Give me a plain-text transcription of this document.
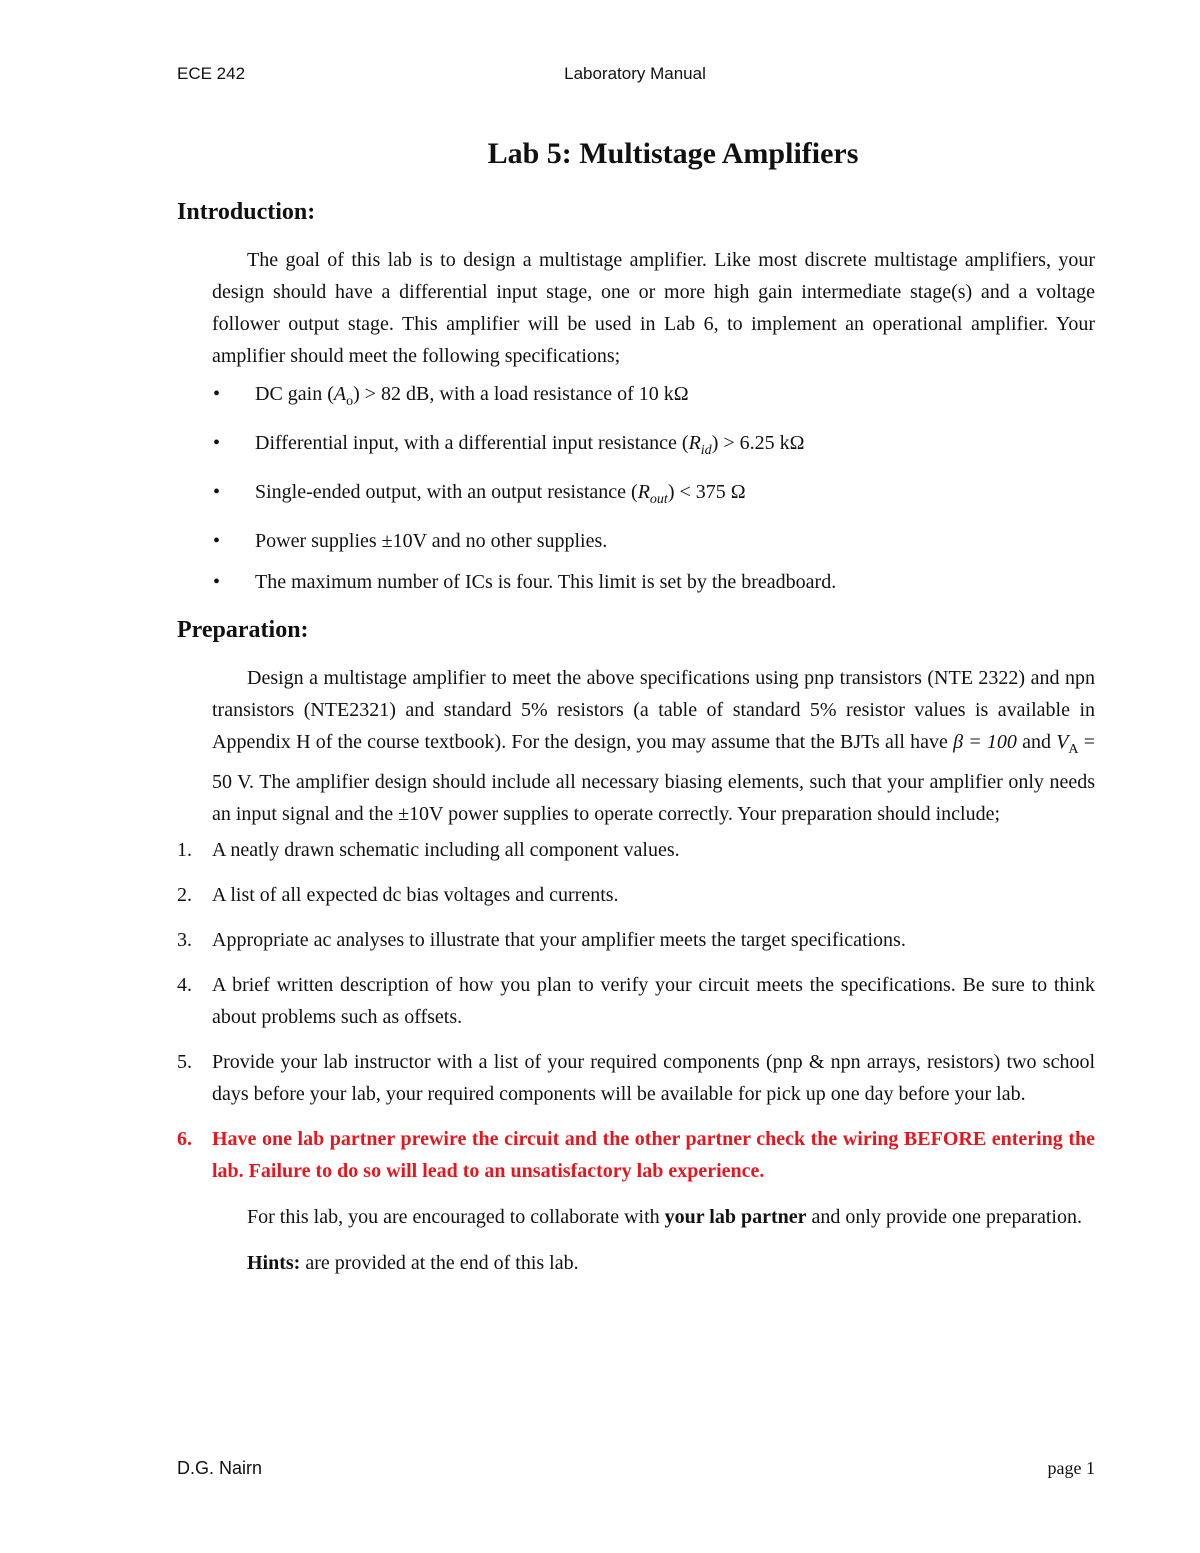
ECE 242	Laboratory Manual
Lab 5: Multistage Amplifiers
Introduction:

The goal of this lab is to design a multistage amplifier. Like most discrete multistage amplifiers, your design should have a differential input stage, one or more high gain intermediate stage(s) and a voltage follower output stage. This amplifier will be used in Lab 6, to implement an operational amplifier. Your amplifier should meet the following specifications;

• DC gain $(A_o) > 82$ dB, with a load resistance of 10 kΩ
• Differential input, with a differential input resistance $(R_{id}) > 6.25$ kΩ
• Single-ended output, with an output resistance $(R_{out}) < 375$ Ω
• Power supplies ±10V and no other supplies.
• The maximum number of ICs is four. This limit is set by the breadboard.
Preparation:

Design a multistage amplifier to meet the above specifications using pnp transistors (NTE 2322) and npn transistors (NTE2321) and standard 5% resistors (a table of standard 5% resistor values is available in Appendix H of the course textbook). For the design, you may assume that the BJTs all have β = 100 and $V_A = 50$ V. The amplifier design should include all necessary biasing elements, such that your amplifier only needs an input signal and the ±10V power supplies to operate correctly. Your preparation should include;

1. A neatly drawn schematic including all component values.
2. A list of all expected dc bias voltages and currents.
3. Appropriate ac analyses to illustrate that your amplifier meets the target specifications.
4. A brief written description of how you plan to verify your circuit meets the specifications. Be sure to think about problems such as offsets.
5. Provide your lab instructor with a list of your required components (pnp & npn arrays, resistors) two school days before your lab, your required components will be available for pick up one day before your lab.
6. Have one lab partner prewire the circuit and the other partner check the wiring BEFORE entering the lab. Failure to do so will lead to an unsatisfactory lab experience.

For this lab, you are encouraged to collaborate with your lab partner and only provide one preparation.

Hints: are provided at the end of this lab.

D.G. Nairn	page 1
